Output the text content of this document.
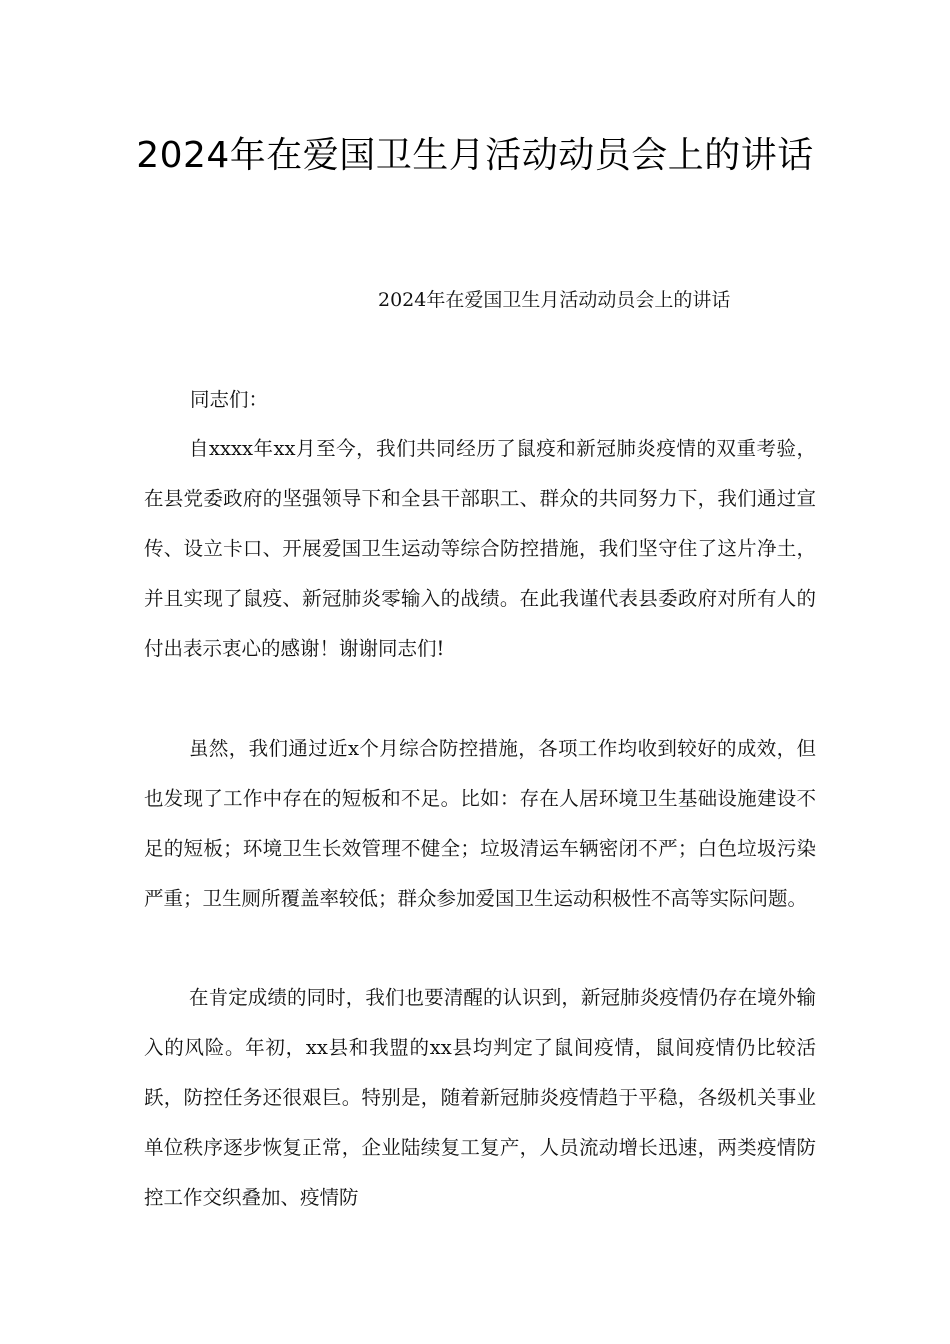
2024年在爱国卫生月活动动员会上的讲话
2024年在爱国卫生月活动动员会上的讲话
同志们：

自xxxx年xx月至今，我们共同经历了鼠疫和新冠肺炎疫情的双重考验，在县党委政府的坚强领导下和全县干部职工、群众的共同努力下，我们通过宣传、设立卡口、开展爱国卫生运动等综合防控措施，我们坚守住了这片净土，并且实现了鼠疫、新冠肺炎零输入的战绩。在此我谨代表县委政府对所有人的付出表示衷心的感谢！谢谢同志们!

虽然，我们通过近x个月综合防控措施，各项工作均收到较好的成效，但也发现了工作中存在的短板和不足。比如：存在人居环境卫生基础设施建设不足的短板；环境卫生长效管理不健全；垃圾清运车辆密闭不严；白色垃圾污染严重；卫生厕所覆盖率较低；群众参加爱国卫生运动积极性不高等实际问题。

在肯定成绩的同时，我们也要清醒的认识到，新冠肺炎疫情仍存在境外输入的风险。年初，xx县和我盟的xx县均判定了鼠间疫情，鼠间疫情仍比较活跃，防控任务还很艰巨。特别是，随着新冠肺炎疫情趋于平稳，各级机关事业单位秩序逐步恢复正常，企业陆续复工复产，人员流动增长迅速，两类疫情防控工作交织叠加、疫情防
